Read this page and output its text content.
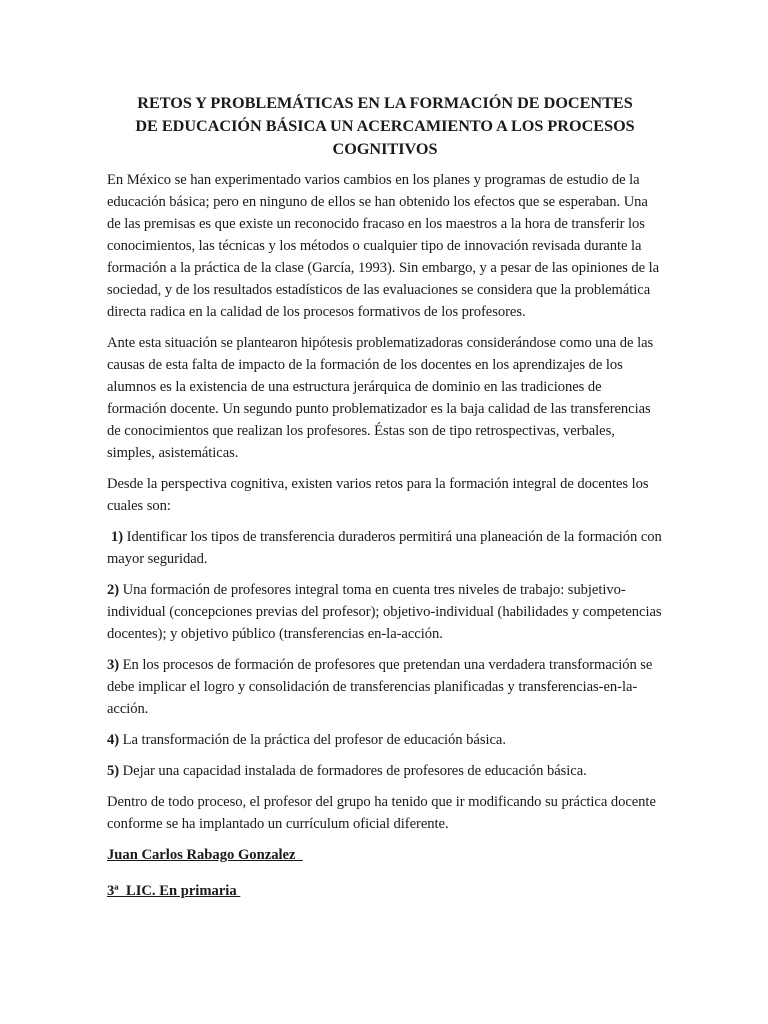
RETOS Y PROBLEMÁTICAS EN LA FORMACIÓN DE DOCENTES
DE EDUCACIÓN BÁSICA UN ACERCAMIENTO A LOS PROCESOS
COGNITIVOS

En México se han experimentado varios cambios en los planes y programas de estudio de la educación básica; pero en ninguno de ellos se han obtenido los efectos que se esperaban. Una de las premisas es que existe un reconocido fracaso en los maestros a la hora de transferir los conocimientos, las técnicas y los métodos o cualquier tipo de innovación revisada durante la formación a la práctica de la clase (García, 1993). Sin embargo, y a pesar de las opiniones de la sociedad, y de los resultados estadísticos de las evaluaciones se considera que la problemática directa radica en la calidad de los procesos formativos de los profesores.

Ante esta situación se plantearon hipótesis problematizadoras considerándose como una de las causas de esta falta de impacto de la formación de los docentes en los aprendizajes de los alumnos es la existencia de una estructura jerárquica de dominio en las tradiciones de formación docente. Un segundo punto problematizador es la baja calidad de las transferencias de conocimientos que realizan los profesores. Éstas son de tipo retrospectivas, verbales, simples, asistemáticas.

Desde la perspectiva cognitiva, existen varios retos para la formación integral de docentes los cuales son:

1) Identificar los tipos de transferencia duraderos permitirá una planeación de la formación con mayor seguridad.

2) Una formación de profesores integral toma en cuenta tres niveles de trabajo: subjetivo-individual (concepciones previas del profesor); objetivo-individual (habilidades y competencias docentes); y objetivo público (transferencias en-la-acción.

3) En los procesos de formación de profesores que pretendan una verdadera transformación se debe implicar el logro y consolidación de transferencias planificadas y transferencias-en-la-acción.

4) La transformación de la práctica del profesor de educación básica.

5) Dejar una capacidad instalada de formadores de profesores de educación básica.

Dentro de todo proceso, el profesor del grupo ha tenido que ir modificando su práctica docente conforme se ha implantado un currículum oficial diferente.

Juan Carlos Rabago Gonzalez

3ª  LIC. En primaria
